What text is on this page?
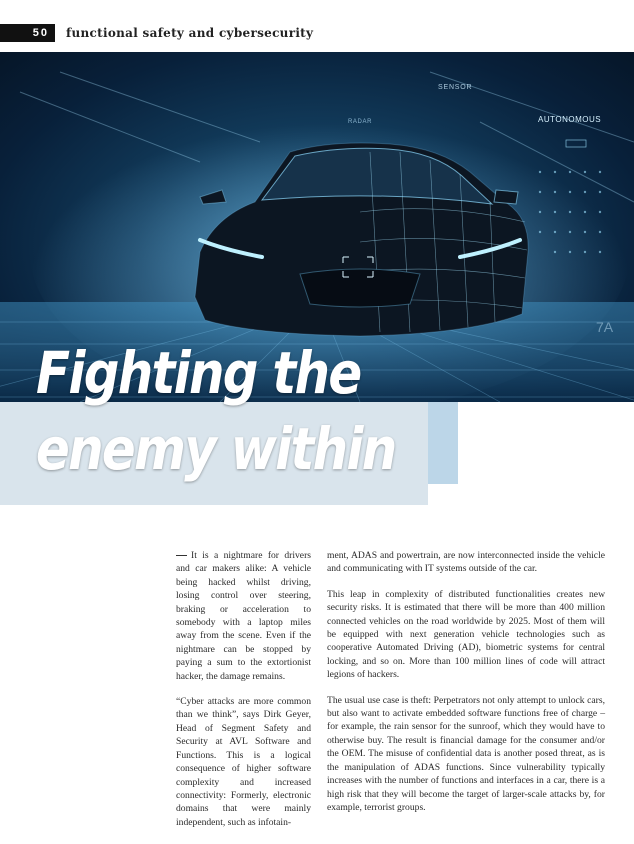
50	functional safety and cybersecurity
SENSOR
AUTONOMOUS
RADAR
7A
Fighting the
enemy within

It is a nightmare for drivers and car makers alike: A vehicle being hacked whilst driving, losing control over steering, braking or acceleration to somebody with a laptop miles away from the scene. Even if the nightmare can be stopped by paying a sum to the extortionist hacker, the damage remains.

“Cyber attacks are more common than we think”, says Dirk Geyer, Head of Segment Safety and Security at AVL Software and Functions. This is a logical consequence of higher software complexity and increased connectivity: Formerly, electronic domains that were mainly independent, such as infotain-

ment, ADAS and powertrain, are now interconnected inside the vehicle and communicating with IT systems outside of the car.

This leap in complexity of distributed functionalities creates new security risks. It is estimated that there will be more than 400 million connected vehicles on the road worldwide by 2025. Most of them will be equipped with next generation vehicle technologies such as cooperative Automated Driving (AD), biometric systems for central locking, and so on. More than 100 million lines of code will attract legions of hackers.

The usual use case is theft: Perpetrators not only attempt to unlock cars, but also want to activate embedded software functions free of charge – for example, the rain sensor for the sunroof, which they would have to otherwise buy. The result is financial damage for the consumer and/or the OEM. The misuse of confidential data is another posed threat, as is the manipulation of ADAS functions. Since vulnerability typically increases with the number of functions and interfaces in a car, there is a high risk that they will become the target of larger-scale attacks by, for example, terrorist groups.
